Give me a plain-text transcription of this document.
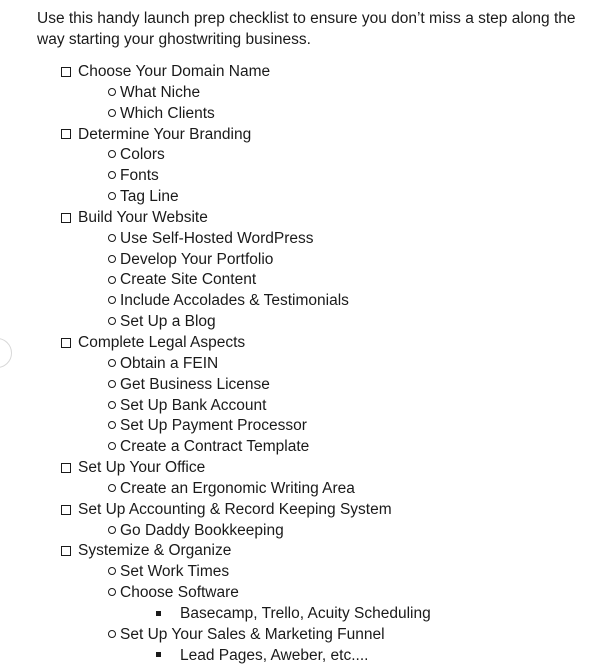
Use this handy launch prep checklist to ensure you don’t miss a step along the way starting your ghostwriting business.

Choose Your Domain Name
What Niche
Which Clients
Determine Your Branding
Colors
Fonts
Tag Line
Build Your Website
Use Self-Hosted WordPress
Develop Your Portfolio
Create Site Content
Include Accolades & Testimonials
Set Up a Blog
Complete Legal Aspects
Obtain a FEIN
Get Business License
Set Up Bank Account
Set Up Payment Processor
Create a Contract Template
Set Up Your Office
Create an Ergonomic Writing Area
Set Up Accounting & Record Keeping System
Go Daddy Bookkeeping
Systemize & Organize
Set Work Times
Choose Software
Basecamp, Trello, Acuity Scheduling
Set Up Your Sales & Marketing Funnel
Lead Pages, Aweber, etc....
